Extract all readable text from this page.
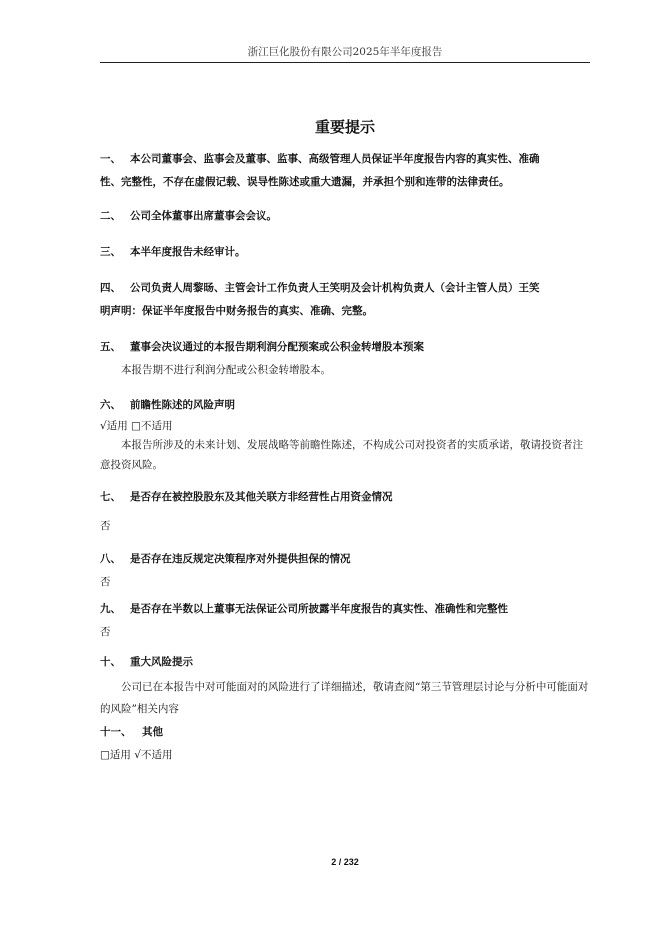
浙江巨化股份有限公司2025年半年度报告
重要提示
一、 本公司董事会、监事会及董事、监事、高级管理人员保证半年度报告内容的真实性、准确
性、完整性，不存在虚假记载、误导性陈述或重大遗漏，并承担个别和连带的法律责任。
二、 公司全体董事出席董事会会议。
三、 本半年度报告未经审计。
四、 公司负责人周黎旸、主管会计工作负责人王笑明及会计机构负责人（会计主管人员）王笑
明声明：保证半年度报告中财务报告的真实、准确、完整。
五、 董事会决议通过的本报告期利润分配预案或公积金转增股本预案
本报告期不进行利润分配或公积金转增股本。
六、 前瞻性陈述的风险声明
√适用 □不适用
本报告所涉及的未来计划、发展战略等前瞻性陈述，不构成公司对投资者的实质承诺，敬请投资者注意投资风险。
七、 是否存在被控股股东及其他关联方非经营性占用资金情况
否
八、 是否存在违反规定决策程序对外提供担保的情况
否
九、 是否存在半数以上董事无法保证公司所披露半年度报告的真实性、准确性和完整性
否
十、 重大风险提示
公司已在本报告中对可能面对的风险进行了详细描述，敬请查阅“第三节管理层讨论与分析中可能面对的风险”相关内容
十一、	其他
□适用 √不适用
2 / 232
